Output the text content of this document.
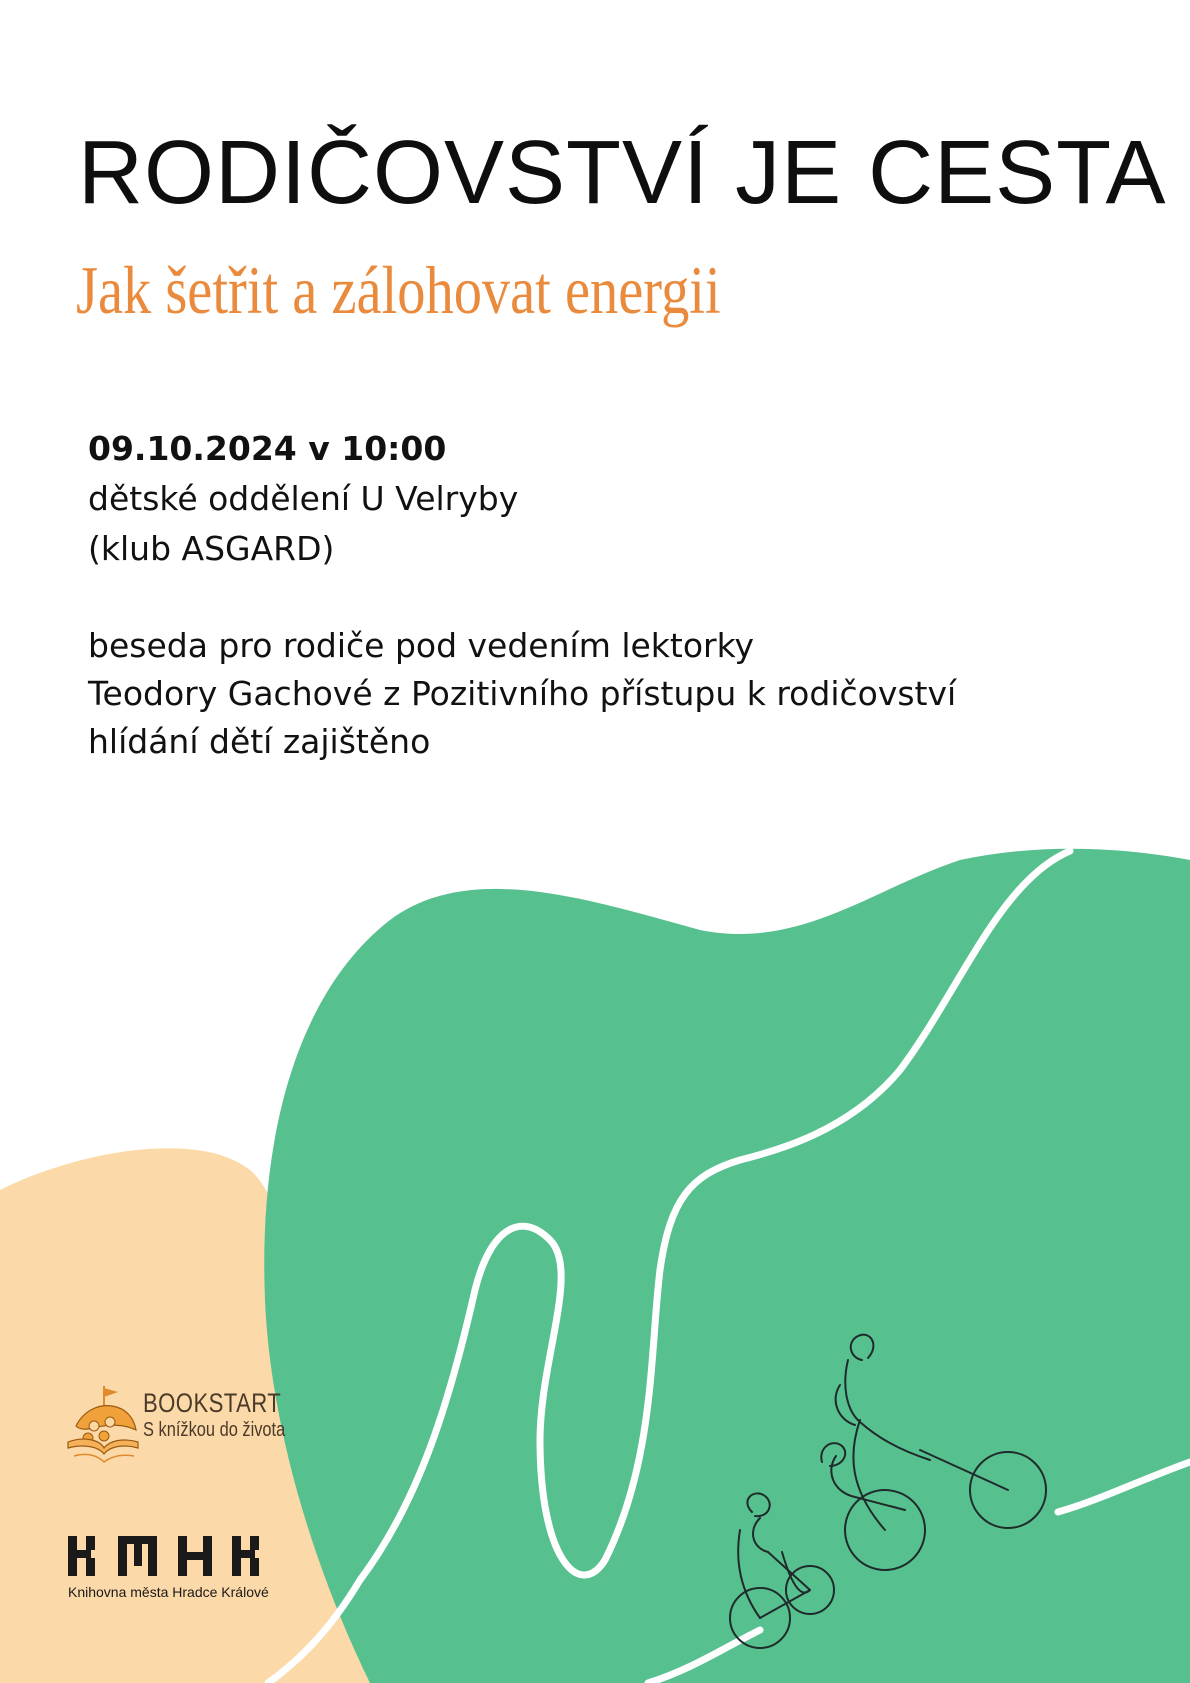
RODIČOVSTVÍ JE CESTA
Jak šetřit a zálohovat energii
09.10.2024 v 10:00
dětské oddělení U Velryby
(klub ASGARD)
beseda pro rodiče pod vedením lektorky
Teodory Gachové z Pozitivního přístupu k rodičovství
hlídání dětí zajištěno
BOOKSTART
S knížkou do života
Knihovna města Hradce Králové
